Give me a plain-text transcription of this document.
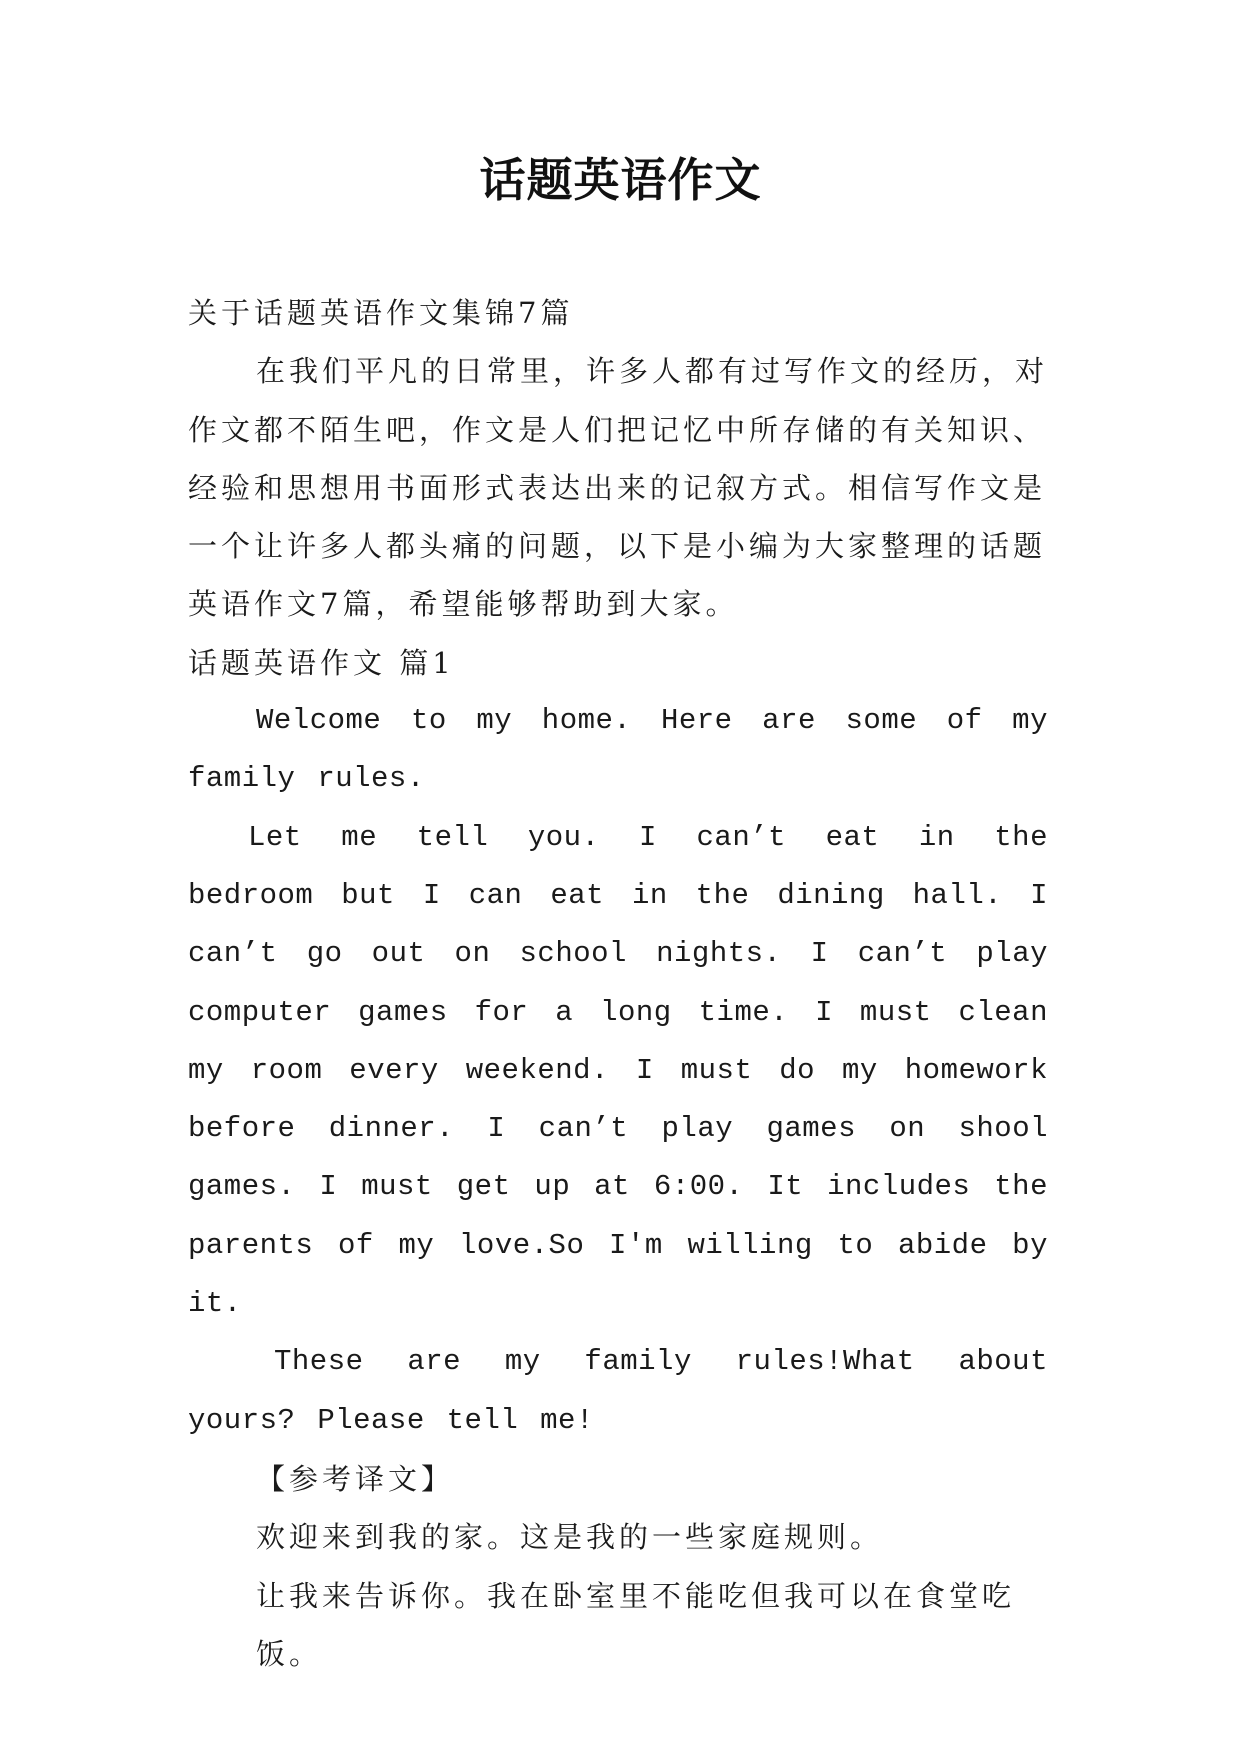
话题英语作文

关于话题英语作文集锦7篇

在我们平凡的日常里，许多人都有过写作文的经历，对作文都不陌生吧，作文是人们把记忆中所存储的有关知识、经验和思想用书面形式表达出来的记叙方式。相信写作文是一个让许多人都头痛的问题，以下是小编为大家整理的话题英语作文7篇，希望能够帮助到大家。

话题英语作文 篇1

Welcome to my home. Here are some of my family rules.

Let me tell you. I can’t eat in the bedroom but I can eat in the dining hall. I can’t go out on school nights. I can’t play computer games for a long time. I must clean my room every weekend. I must do my homework before dinner. I can’t play games on shool games. I must get up at 6:00. It includes the parents of my love.So I'm willing to abide by it.

These are my family rules!What about yours? Please tell me!

【参考译文】

欢迎来到我的家。这是我的一些家庭规则。

让我来告诉你。我在卧室里不能吃但我可以在食堂吃饭。
